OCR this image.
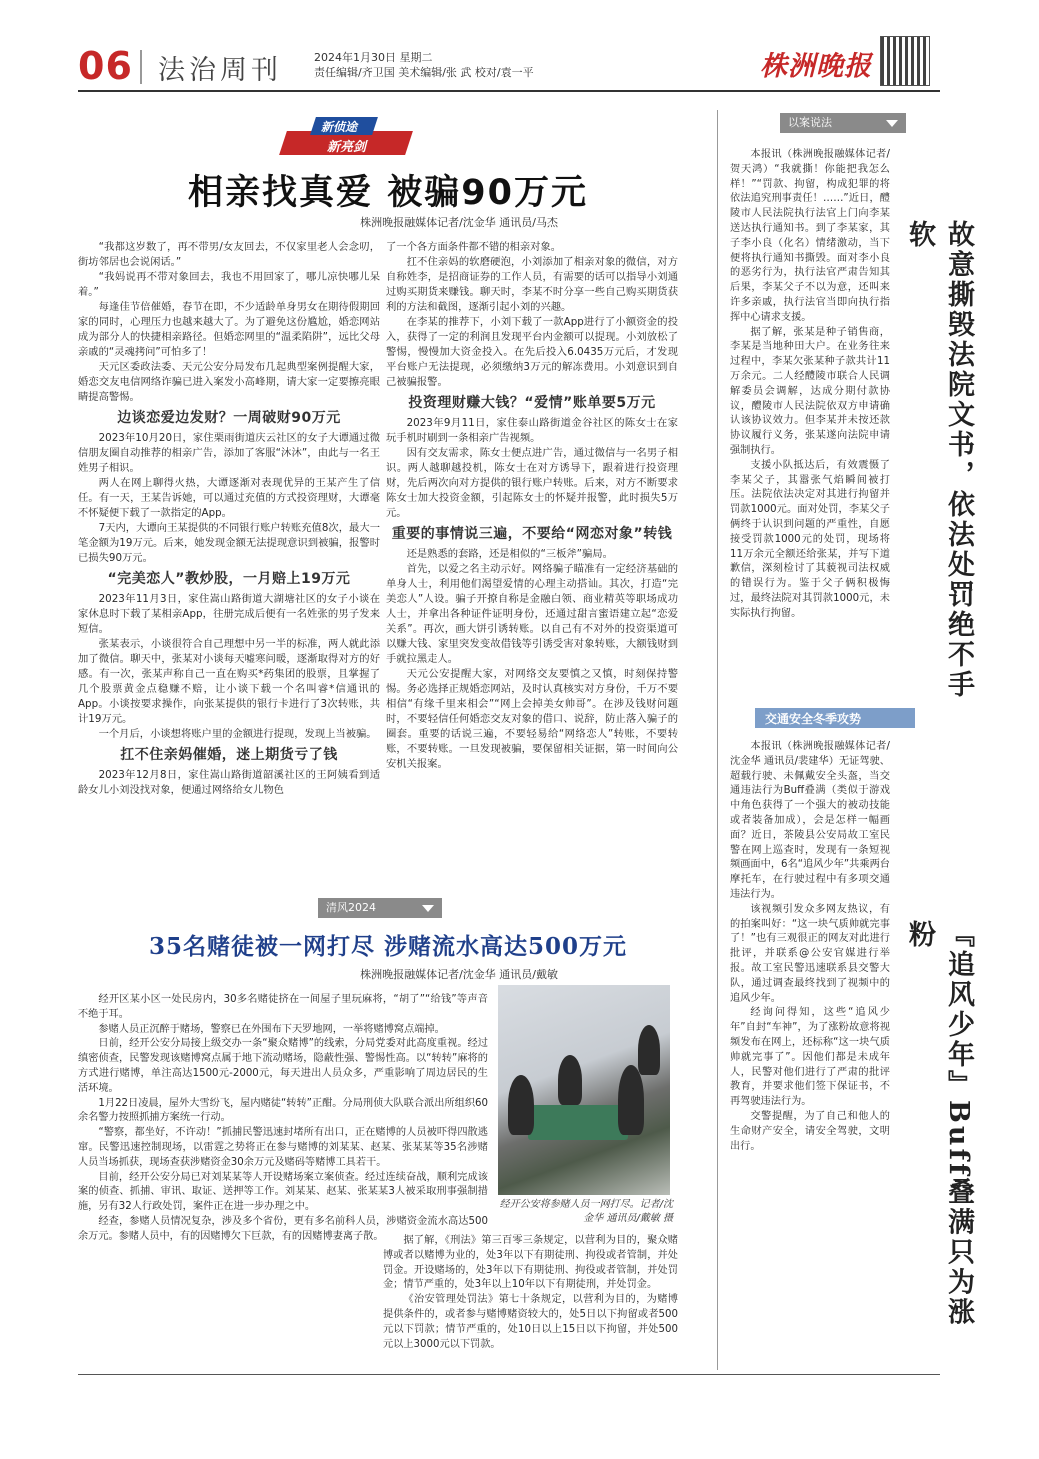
06 法治周刊	2024年1月30日 星期二
责任编辑/齐卫国 美术编辑/张 武 校对/袁一平	株洲晚报
新侦途
新亮剑
相亲找真爱 被骗90万元
株洲晚报融媒体记者/沈金华 通讯员/马杰

“我都这岁数了，再不带男/女友回去，不仅家里老人会念叨，街坊邻居也会说闲话。”

“我妈说再不带对象回去，我也不用回家了，哪儿凉快哪儿呆着。”

每逢佳节倍催婚，春节在即，不少适龄单身男女在期待假期回家的同时，心理压力也越来越大了。为了避免这份尴尬，婚恋网站成为部分人的快捷相亲路径。但婚恋网里的“温柔陷阱”，远比父母亲戚的“灵魂拷问”可怕多了！

天元区委政法委、天元公安分局发布几起典型案例提醒大家，婚恋交友电信网络诈骗已进入案发小高峰期，请大家一定要擦亮眼睛提高警惕。

边谈恋爱边发财？一周破财90万元

2023年10月20日，家住栗雨街道庆云社区的女子大谭通过微信朋友圈自动推荐的相亲广告，添加了客服“沐沐”，由此与一名王姓男子相识。

两人在网上聊得火热，大谭逐渐对表现优异的王某产生了信任。有一天，王某告诉她，可以通过充值的方式投资理财，大谭毫不怀疑便下载了一款指定的App。

7天内，大谭向王某提供的不同银行账户转账充值8次，最大一笔金额为19万元。后来，她发现金额无法提现意识到被骗，报警时已损失90万元。

“完美恋人”教炒股，一月赔上19万元

2023年11月3日，家住嵩山路街道大湖塘社区的女子小谈在家休息时下载了某相亲App，往册完成后便有一名姓张的男子发来短信。

张某表示，小谈很符合自己理想中另一半的标准，两人就此添加了微信。聊天中，张某对小谈每天嘘寒问暖，逐渐取得对方的好感。有一次，张某声称自己一直在购买*药集团的股票，且掌握了几个股票黄金点稳赚不赔，让小谈下载一个名叫睿*信通讯的App。小谈按要求操作，向张某提供的银行卡进行了3次转账，共计19万元。

一个月后，小谈想将账户里的金额进行提现，发现上当被骗。

扛不住亲妈催婚，迷上期货亏了钱

2023年12月8日，家住嵩山路街道韶溪社区的王阿姨看到适龄女儿小刘没找对象，便通过网络给女儿物色

了一个各方面条件都不错的相亲对象。

扛不住亲妈的软磨硬泡，小刘添加了相亲对象的微信，对方自称姓李，是招商证券的工作人员，有需要的话可以指导小刘通过购买期货来赚钱。聊天时，李某不时分享一些自己购买期货获利的方法和截图，逐渐引起小刘的兴趣。

在李某的推荐下，小刘下载了一款App进行了小额资金的投入，获得了一定的利润且发现平台内金额可以提现。小刘放松了警惕，慢慢加大资金投入。在先后投入6.0435万元后，才发现平台账户无法提现，必须缴纳3万元的解冻费用。小刘意识到自己被骗报警。

投资理财赚大钱？“爱情”账单要5万元

2023年9月11日，家住泰山路街道金谷社区的陈女士在家玩手机时刷到一条相亲广告视频。

因有交友需求，陈女士便点进广告，通过微信与一名男子相识。两人越聊越投机，陈女士在对方诱导下，跟着进行投资理财，先后两次向对方提供的银行账户转账。后来，对方不断要求陈女士加大投资金额，引起陈女士的怀疑并报警，此时损失5万元。

重要的事情说三遍，不要给“网恋对象”转钱

还是熟悉的套路，还是相似的“三板斧”骗局。

首先，以爱之名主动示好。网络骗子瞄准有一定经济基础的单身人士，利用他们渴望爱情的心理主动搭讪。其次，打造“完美恋人”人设。骗子开撩自称是金融白领、商业精英等职场成功人士，并拿出各种证件证明身份，还通过甜言蜜语建立起“恋爱关系”。再次，画大饼引诱转账。以自己有不对外的投资渠道可以赚大钱、家里突发变故借钱等引诱受害对象转账，大额钱财到手就拉黑走人。

天元公安提醒大家，对网络交友要慎之又慎，时刻保持警惕。务必选择正规婚恋网站，及时认真核实对方身份，千万不要相信“有缘千里来相会”“网上会掉美女帅哥”。在涉及钱财问题时，不要轻信任何婚恋交友对象的借口、说辞，防止落入骗子的圈套。重要的话说三遍，不要轻易给“网络恋人”转账，不要转账，不要转账。一旦发现被骗，要保留相关证据，第一时间向公安机关报案。

清风2024
35名赌徒被一网打尽 涉赌流水高达500万元
株洲晚报融媒体记者/沈金华 通讯员/戴敏

经开区某小区一处民房内，30多名赌徒挤在一间屋子里玩麻将，“胡了”“给钱”等声音不绝于耳。

参赌人员正沉醉于赌场，警察已在外围布下天罗地网，一举将赌博窝点端掉。

日前，经开公安分局接上级交办一条“聚众赌博”的线索，分局党委对此高度重视。经过缜密侦查，民警发现该赌博窝点属于地下流动赌场，隐蔽性强、警惕性高。以“转转”麻将的方式进行赌博，单注高达1500元-2000元，每天进出人员众多，严重影响了周边居民的生活环境。

1月22日凌晨，屋外大雪纷飞，屋内赌徒“转转”正酣。分局刑侦大队联合派出所组织60余名警力按照抓捕方案统一行动。

“警察，都坐好，不许动！”抓捕民警迅速封堵所有出口，正在赌博的人员被吓得四散逃窜。民警迅速控制现场，以雷霆之势将正在参与赌博的刘某某、赵某、张某某等35名涉赌人员当场抓获，现场查获涉赌资金30余万元及赌码等赌博工具若干。

目前，经开公安分局已对刘某某等人开设赌场案立案侦查。经过连续奋战，顺利完成该案的侦查、抓捕、审讯、取证、送押等工作。刘某某、赵某、张某某3人被采取刑事强制措施，另有32人行政处罚，案件正在进一步办理之中。

经查，参赌人员情况复杂，涉及多个省份，更有多名前科人员，涉赌资金流水高达500余万元。参赌人员中，有的因赌博欠下巨款，有的因赌博妻离子散。

经开公安将参赌人员一网打尽。记者/沈金华 通讯员/戴敏 摄

据了解，《刑法》第三百零三条规定，以营利为目的，聚众赌博或者以赌博为业的，处3年以下有期徒刑、拘役或者管制，并处罚金。开设赌场的，处3年以下有期徒刑、拘役或者管制，并处罚金；情节严重的，处3年以上10年以下有期徒刑，并处罚金。

《治安管理处罚法》第七十条规定，以营利为目的，为赌博提供条件的，或者参与赌博赌资较大的，处5日以下拘留或者500元以下罚款；情节严重的，处10日以上15日以下拘留，并处500元以上3000元以下罚款。

以案说法

本报讯（株洲晚报融媒体记者/贺天鸿）“我就撕！你能把我怎么样！”“罚款、拘留，构成犯罪的将依法追究刑事责任！……”近日，醴陵市人民法院执行法官上门向李某送达执行通知书。到了李某家，其子李小良（化名）情绪激动，当下便将执行通知书撕毁。面对李小良的恶劣行为，执行法官严肃告知其后果，李某父子不以为意，还叫来许多亲戚，执行法官当即向执行指挥中心请求支援。

据了解，张某是种子销售商，李某是当地种田大户。在业务往来过程中，李某欠张某种子款共计11万余元。二人经醴陵市联合人民调解委员会调解，达成分期付款协议，醴陵市人民法院依双方申请确认该协议效力。但李某并未按还款协议履行义务，张某遂向法院申请强制执行。

支援小队抵达后，有效震慑了李某父子，其嚣张气焰瞬间被打压。法院依法决定对其进行拘留并罚款1000元。面对处罚，李某父子俩终于认识到问题的严重性，自愿接受罚款1000元的处罚，现场将11万余元全额还给张某，并写下道歉信，深刻检讨了其藐视司法权威的错误行为。鉴于父子俩积极悔过，最终法院对其罚款1000元，未实际执行拘留。	故意撕毁法院文书，依法处罚绝不手软
交通安全冬季攻势

本报讯（株洲晚报融媒体记者/沈金华 通讯员/裴建华）无证驾驶、超载行驶、未佩戴安全头盔，当交通违法行为Buff叠满（类似于游戏中角色获得了一个强大的被动技能或者装备加成），会是怎样一幅画面？近日，茶陵县公安局故工室民警在网上巡查时，发现有一条短视频画面中，6名“追风少年”共乘两台摩托车，在行驶过程中有多项交通违法行为。

该视频引发众多网友热议，有的拍案叫好：“这一块气质帅就完事了！”也有三观很正的网友对此进行批评，并联系@公安官媒进行举报。故工室民警迅速联系县交警大队，通过调查最终找到了视频中的追风少年。

经询问得知，这些“追风少年”自封“车神”，为了涨粉故意将视频发布在网上，还标称“这一块气质帅就完事了”。因他们都是未成年人，民警对他们进行了严肃的批评教育，并要求他们签下保证书，不再驾驶违法行为。

交警提醒，为了自己和他人的生命财产安全，请安全驾驶，文明出行。	『追风少年』Buff叠满只为涨粉
